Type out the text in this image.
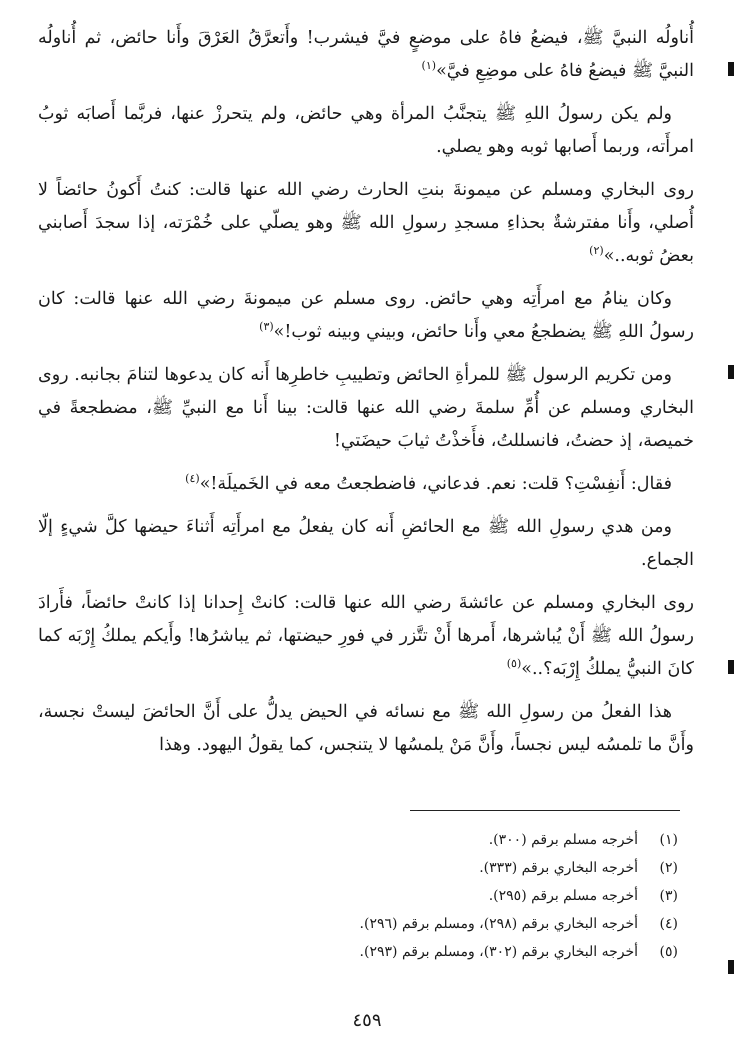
أُناولُه النبيَّ ﷺ، فيضعُ فاهُ على موضعٍ فيَّ فيشرب! وأَتعرَّقُ العَرْقَ وأَنا حائض، ثم أُناولُه النبيَّ ﷺ فيضعُ فاهُ على موضِعِ فيَّ»$^{(١)}$

ولم يكن رسولُ اللهِ ﷺ يتجنَّبُ المرأة وهي حائض، ولم يتحرزْ عنها، فربَّما أَصابَه ثوبُ امرأَته، وربما أَصابها ثوبه وهو يصلي.

روى البخاري ومسلم عن ميمونةَ بنتِ الحارث رضي الله عنها قالت: كنتُ أَكونُ حائضاً لا أُصلي، وأَنا مفترشةٌ بحذاءِ مسجدِ رسولِ الله ﷺ وهو يصلّي على خُمْرَته، إذا سجدَ أَصابني بعضُ ثوبه..»$^{(٢)}$

وكان ينامُ مع امرأَتِه وهي حائض. روى مسلم عن ميمونةَ رضي الله عنها قالت: كان رسولُ اللهِ ﷺ يضطجعُ معي وأَنا حائض، وبيني وبينه ثوب!»$^{(٣)}$

ومن تكريم الرسول ﷺ للمرأةِ الحائض وتطييبِ خاطرِها أَنه كان يدعوها لتنامَ بجانبه. روى البخاري ومسلم عن أُمِّ سلمةَ رضي الله عنها قالت: بينا أَنا مع النبيِّ ﷺ، مضطجعةً في خميصة، إذ حضتُ، فانسللتُ، فأَخذْتُ ثيابَ حيضَتي!

فقال: أَنفِسْتِ؟ قلت: نعم. فدعاني، فاضطجعتُ معه في الخَميلَة!»$^{(٤)}$

ومن هدي رسولِ الله ﷺ مع الحائضِ أَنه كان يفعلُ مع امرأَتِه أَثناءَ حيضها كلَّ شيءٍ إلّا الجماع.

روى البخاري ومسلم عن عائشةَ رضي الله عنها قالت: كانتْ إِحدانا إذا كانتْ حائضاً، فأَرادَ رسولُ الله ﷺ أَنْ يُباشرها، أَمرها أَنْ تتَّزر في فورِ حيضتها، ثم يباشرُها! وأَيكم يملكُ إِرْبَه كما كانَ النبيُّ يملكُ إِرْبَه؟..»$^{(٥)}$

هذا الفعلُ من رسولِ الله ﷺ مع نسائه في الحيض يدلُّ على أَنَّ الحائضَ ليستْ نجسة، وأَنَّ ما تلمسُه ليس نجساً، وأَنَّ مَنْ يلمسُها لا يتنجس، كما يقولُ اليهود. وهذا

(١)
أخرجه مسلم برقم (٣٠٠).
(٢)
أخرجه البخاري برقم (٣٣٣).
(٣)
أخرجه مسلم برقم (٢٩٥).
(٤)
أخرجه البخاري برقم (٢٩٨)، ومسلم برقم (٢٩٦).
(٥)
أخرجه البخاري برقم (٣٠٢)، ومسلم برقم (٢٩٣).
٤٥٩
